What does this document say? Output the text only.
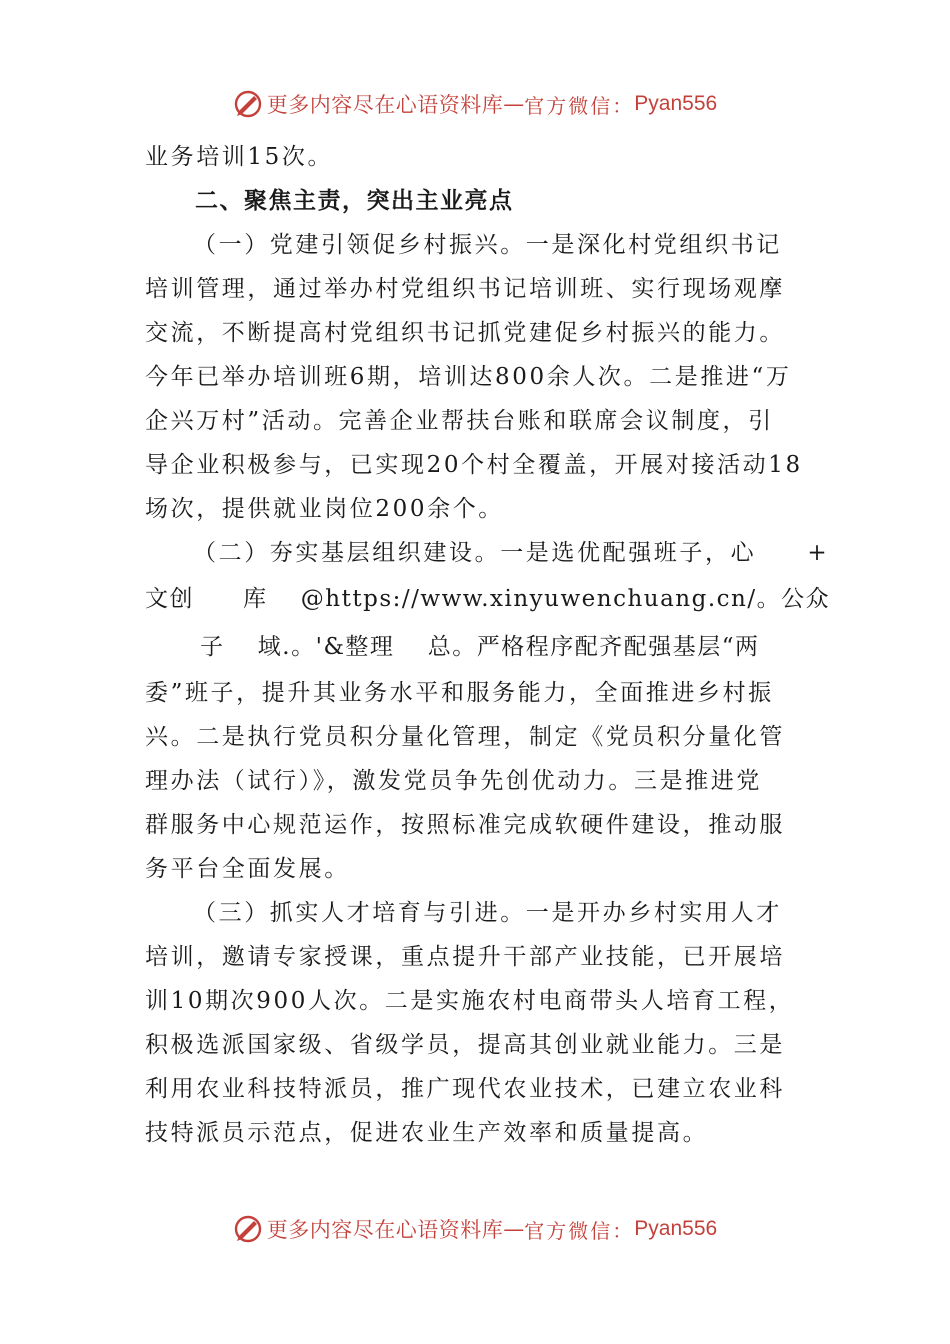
更多内容尽在心语资料库 — 官方微信： Pyan556
业务培训15次。
二、聚焦主责，突出主业亮点
（一）党建引领促乡村振兴。一是深化村党组织书记
培训管理，通过举办村党组织书记培训班、实行现场观摩
交流，不断提高村党组织书记抓党建促乡村振兴的能力。
今年已举办培训班6期，培训达800余人次。二是推进“万
企兴万村”活动。完善企业帮扶台账和联席会议制度，引
导企业积极参与，已实现20个村全覆盖，开展对接活动18
场次，提供就业岗位200余个。
（二）夯实基层组织建设。一是选优配强班子，心　　+
文创　　库　 @https://www.xinyuwenchuang.cn/。公众
子　 域.。'&整理　 总。严格程序配齐配强基层“两
委”班子，提升其业务水平和服务能力，全面推进乡村振
兴。二是执行党员积分量化管理，制定《党员积分量化管
理办法（试行）》，激发党员争先创优动力。三是推进党
群服务中心规范运作，按照标准完成软硬件建设，推动服
务平台全面发展。
（三）抓实人才培育与引进。一是开办乡村实用人才
培训，邀请专家授课，重点提升干部产业技能，已开展培
训10期次900人次。二是实施农村电商带头人培育工程，
积极选派国家级、省级学员，提高其创业就业能力。三是
利用农业科技特派员，推广现代农业技术，已建立农业科
技特派员示范点，促进农业生产效率和质量提高。
更多内容尽在心语资料库 — 官方微信： Pyan556
